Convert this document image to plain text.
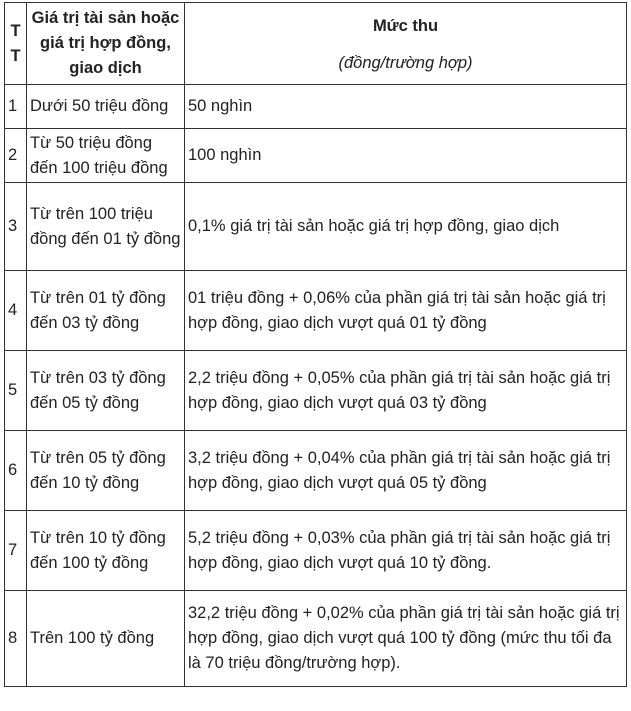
TT	Giá trị tài sản hoặc giá trị hợp đồng, giao dịch	Mức thu
(đồng/trường hợp)

1	Dưới 50 triệu đồng	50 nghìn
2	Từ 50 triệu đồng đến 100 triệu đồng	100 nghìn
3	Từ trên 100 triệu đồng đến 01 tỷ đồng	0,1% giá trị tài sản hoặc giá trị hợp đồng, giao dịch
4	Từ trên 01 tỷ đồng đến 03 tỷ đồng	01 triệu đồng + 0,06% của phần giá trị tài sản hoặc giá trị hợp đồng, giao dịch vượt quá 01 tỷ đồng
5	Từ trên 03 tỷ đồng đến 05 tỷ đồng	2,2 triệu đồng + 0,05% của phần giá trị tài sản hoặc giá trị hợp đồng, giao dịch vượt quá 03 tỷ đồng
6	Từ trên 05 tỷ đồng đến 10 tỷ đồng	3,2 triệu đồng + 0,04% của phần giá trị tài sản hoặc giá trị hợp đồng, giao dịch vượt quá 05 tỷ đồng
7	Từ trên 10 tỷ đồng đến 100 tỷ đồng	5,2 triệu đồng + 0,03% của phần giá trị tài sản hoặc giá trị hợp đồng, giao dịch vượt quá 10 tỷ đồng.
8	Trên 100 tỷ đồng	32,2 triệu đồng + 0,02% của phần giá trị tài sản hoặc giá trị hợp đồng, giao dịch vượt quá 100 tỷ đồng (mức thu tối đa là 70 triệu đồng/trường hợp).
